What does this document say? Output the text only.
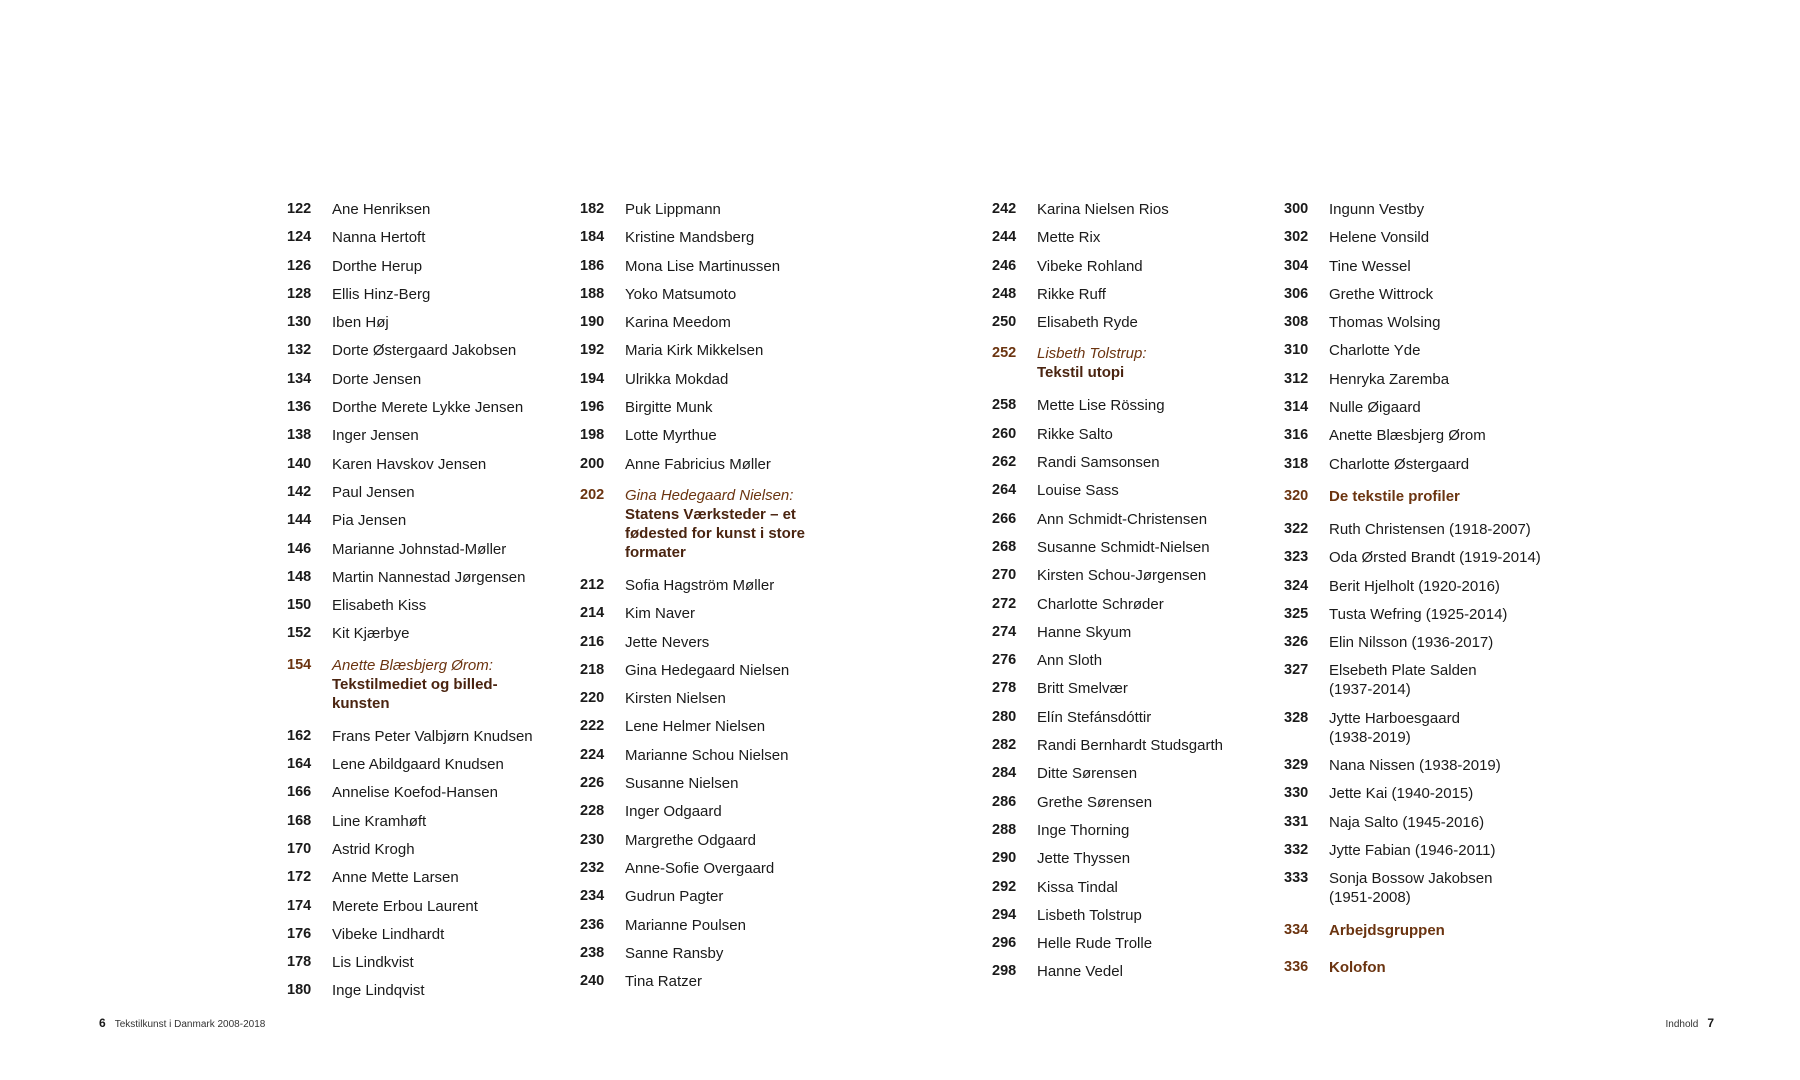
122	Ane Henriksen
124	Nanna Hertoft
126	Dorthe Herup
128	Ellis Hinz-Berg
130	Iben Høj
132	Dorte Østergaard Jakobsen
134	Dorte Jensen
136	Dorthe Merete Lykke Jensen
138	Inger Jensen
140	Karen Havskov Jensen
142	Paul Jensen
144	Pia Jensen
146	Marianne Johnstad-Møller
148	Martin Nannestad Jørgensen
150	Elisabeth Kiss
152	Kit Kjærbye
154	Anette Blæsbjerg Ørom:
Tekstilmediet og billed-
kunsten
162	Frans Peter Valbjørn Knudsen
164	Lene Abildgaard Knudsen
166	Annelise Koefod-Hansen
168	Line Kramhøft
170	Astrid Krogh
172	Anne Mette Larsen
174	Merete Erbou Laurent
176	Vibeke Lindhardt
178	Lis Lindkvist
180	Inge Lindqvist
182	Puk Lippmann
184	Kristine Mandsberg
186	Mona Lise Martinussen
188	Yoko Matsumoto
190	Karina Meedom
192	Maria Kirk Mikkelsen
194	Ulrikka Mokdad
196	Birgitte Munk
198	Lotte Myrthue
200	Anne Fabricius Møller
202	Gina Hedegaard Nielsen:
Statens Værksteder – et
fødested for kunst i store
formater
212	Sofia Hagström Møller
214	Kim Naver
216	Jette Nevers
218	Gina Hedegaard Nielsen
220	Kirsten Nielsen
222	Lene Helmer Nielsen
224	Marianne Schou Nielsen
226	Susanne Nielsen
228	Inger Odgaard
230	Margrethe Odgaard
232	Anne-Sofie Overgaard
234	Gudrun Pagter
236	Marianne Poulsen
238	Sanne Ransby
240	Tina Ratzer
242	Karina Nielsen Rios
244	Mette Rix
246	Vibeke Rohland
248	Rikke Ruff
250	Elisabeth Ryde
252	Lisbeth Tolstrup:
Tekstil utopi
258	Mette Lise Rössing
260	Rikke Salto
262	Randi Samsonsen
264	Louise Sass
266	Ann Schmidt-Christensen
268	Susanne Schmidt-Nielsen
270	Kirsten Schou-Jørgensen
272	Charlotte Schrøder
274	Hanne Skyum
276	Ann Sloth
278	Britt Smelvær
280	Elín Stefánsdóttir
282	Randi Bernhardt Studsgarth
284	Ditte Sørensen
286	Grethe Sørensen
288	Inge Thorning
290	Jette Thyssen
292	Kissa Tindal
294	Lisbeth Tolstrup
296	Helle Rude Trolle
298	Hanne Vedel
300	Ingunn Vestby
302	Helene Vonsild
304	Tine Wessel
306	Grethe Wittrock
308	Thomas Wolsing
310	Charlotte Yde
312	Henryka Zaremba
314	Nulle Øigaard
316	Anette Blæsbjerg Ørom
318	Charlotte Østergaard
320	De tekstile profiler
322	Ruth Christensen (1918-2007)
323	Oda Ørsted Brandt (1919-2014)
324	Berit Hjelholt (1920-2016)
325	Tusta Wefring (1925-2014)
326	Elin Nilsson (1936-2017)
327	Elsebeth Plate Salden
(1937-2014)
328	Jytte Harboesgaard
(1938-2019)
329	Nana Nissen (1938-2019)
330	Jette Kai (1940-2015)
331	Naja Salto (1945-2016)
332	Jytte Fabian (1946-2011)
333	Sonja Bossow Jakobsen
(1951-2008)
334	Arbejdsgruppen
336	Kolofon
6 Tekstilkunst i Danmark 2008-2018	Indhold 7
